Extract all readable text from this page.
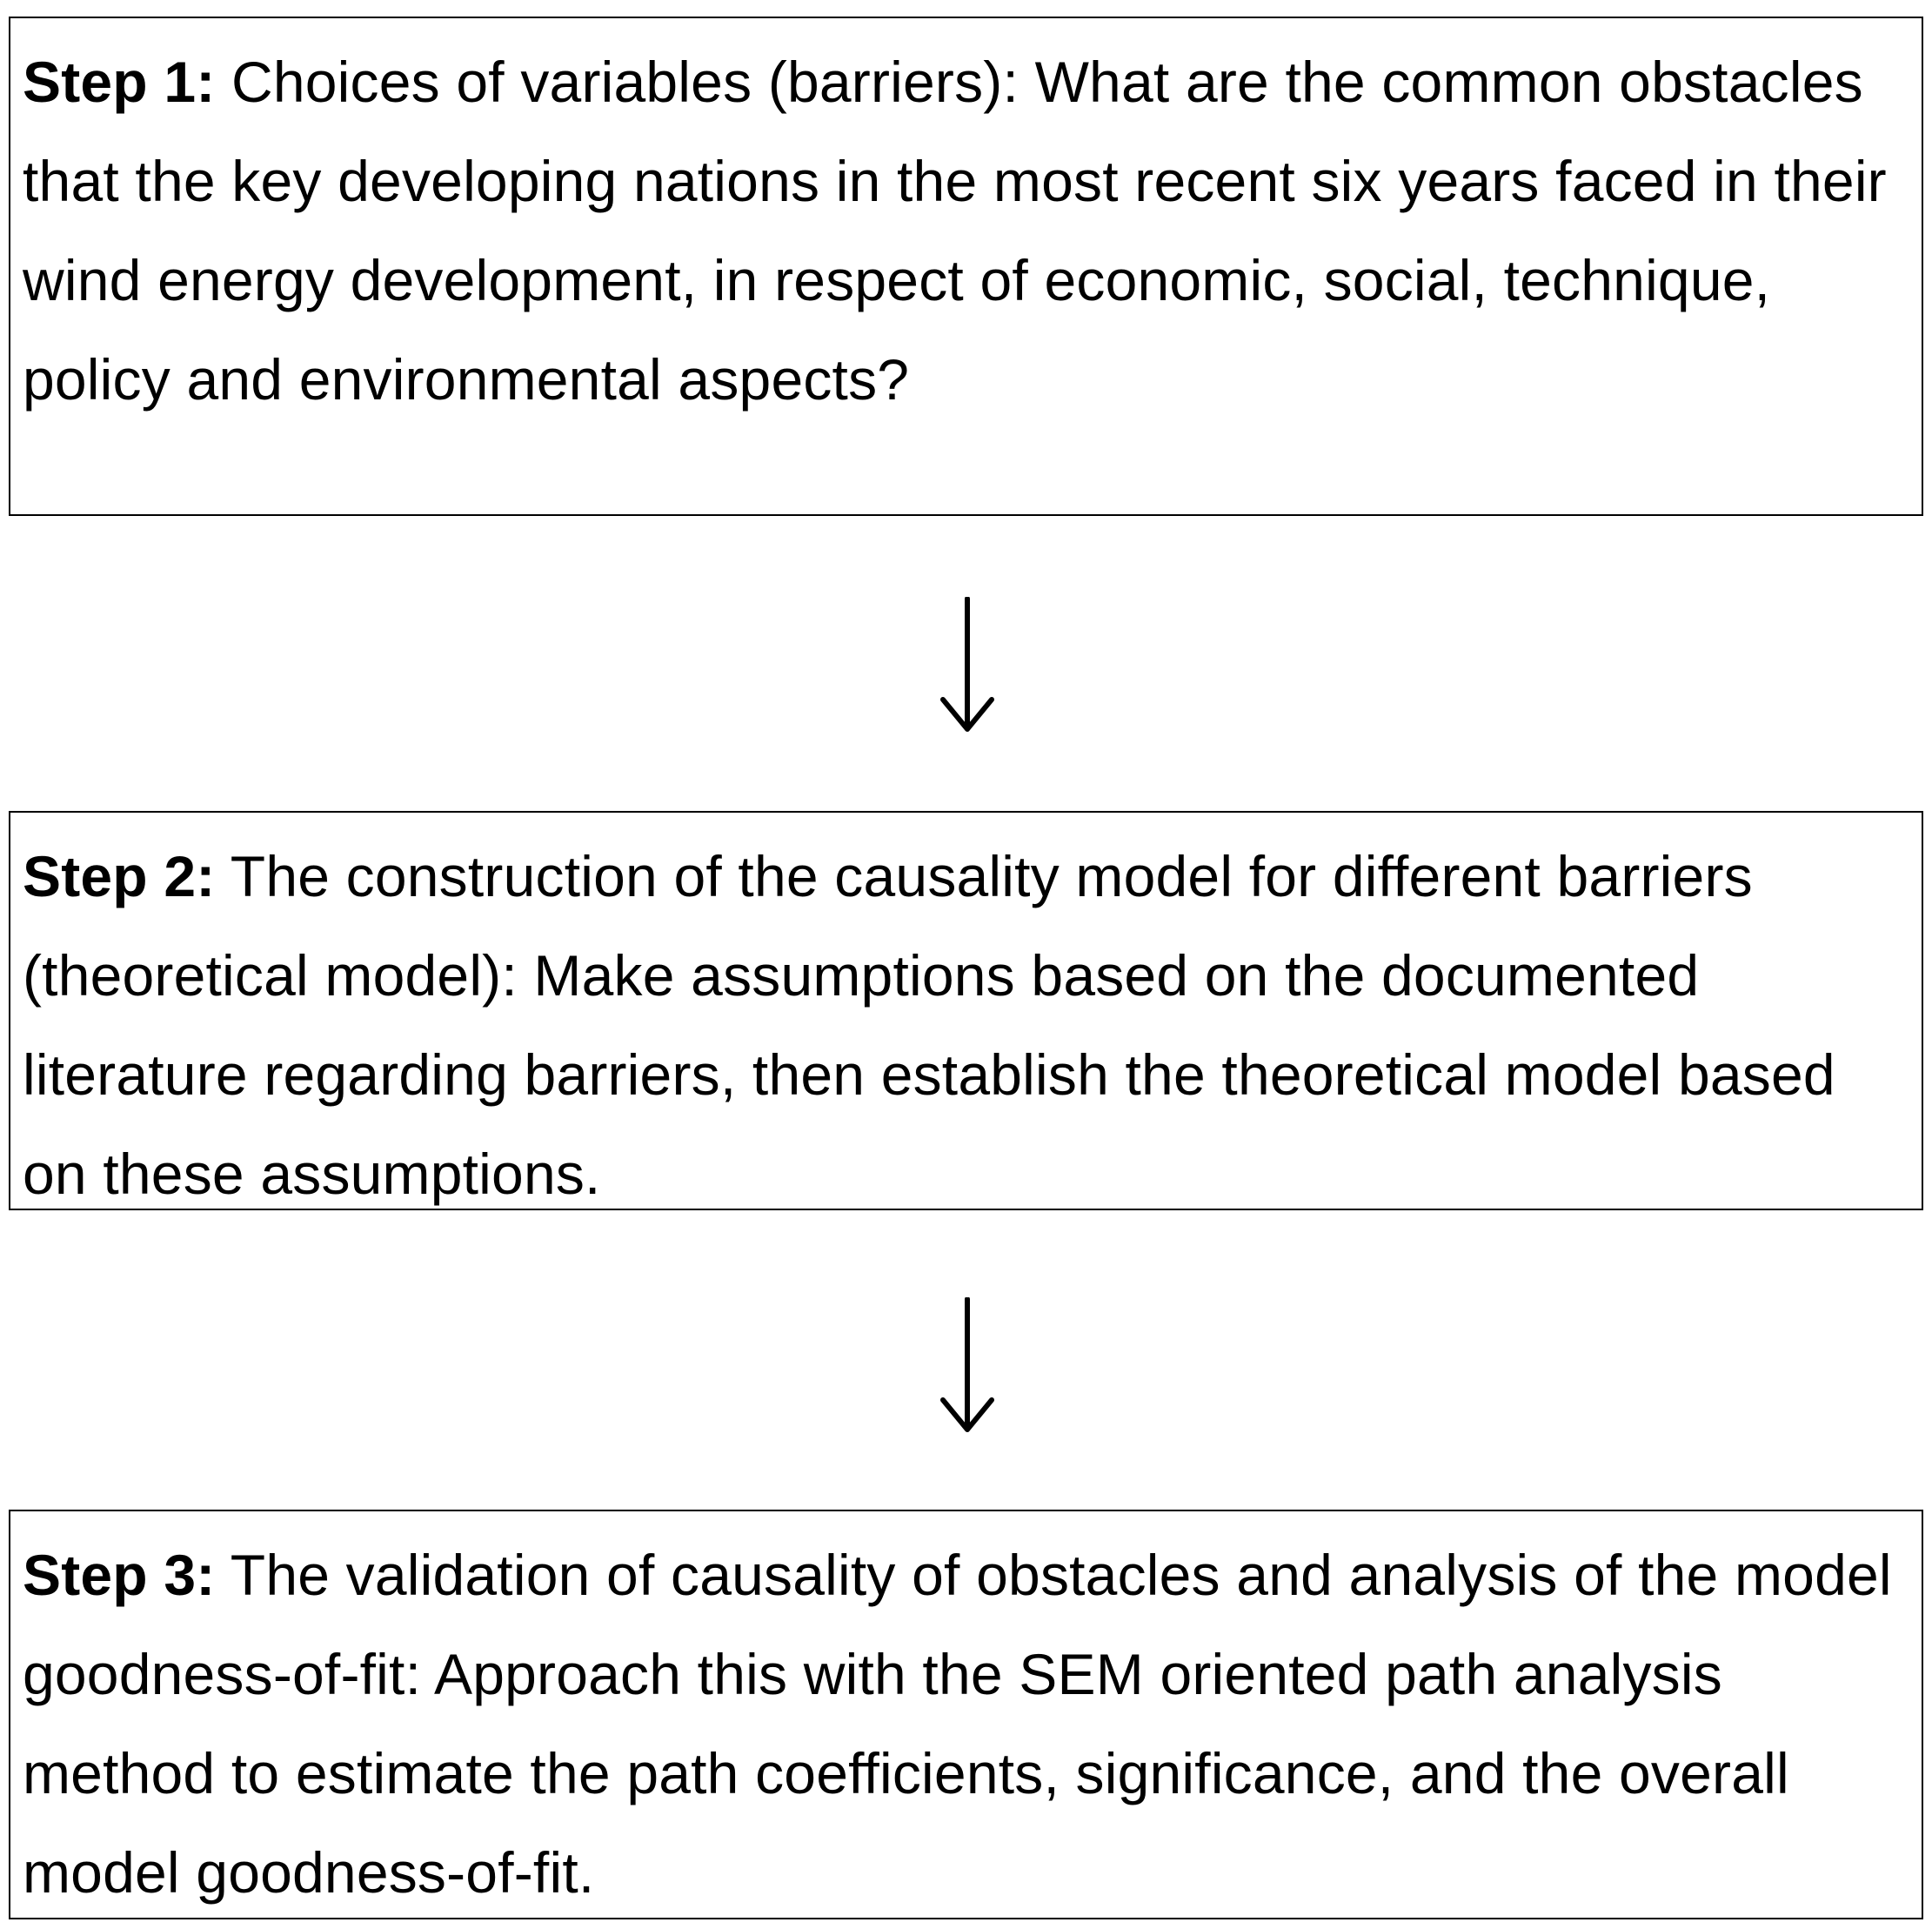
Step 1: Choices of variables (barriers): What are the common obstacles that the key developing nations in the most recent six years faced in their wind energy development, in respect of economic, social, technique, policy and environmental aspects?
Step 2: The construction of the causality model for different barriers (theoretical model): Make assumptions based on the documented literature regarding barriers, then establish the theoretical model based on these assumptions.
Step 3: The validation of causality of obstacles and analysis of the model goodness-of-fit: Approach this with the SEM oriented path analysis method to estimate the path coefficients, significance, and the overall model goodness-of-fit.
